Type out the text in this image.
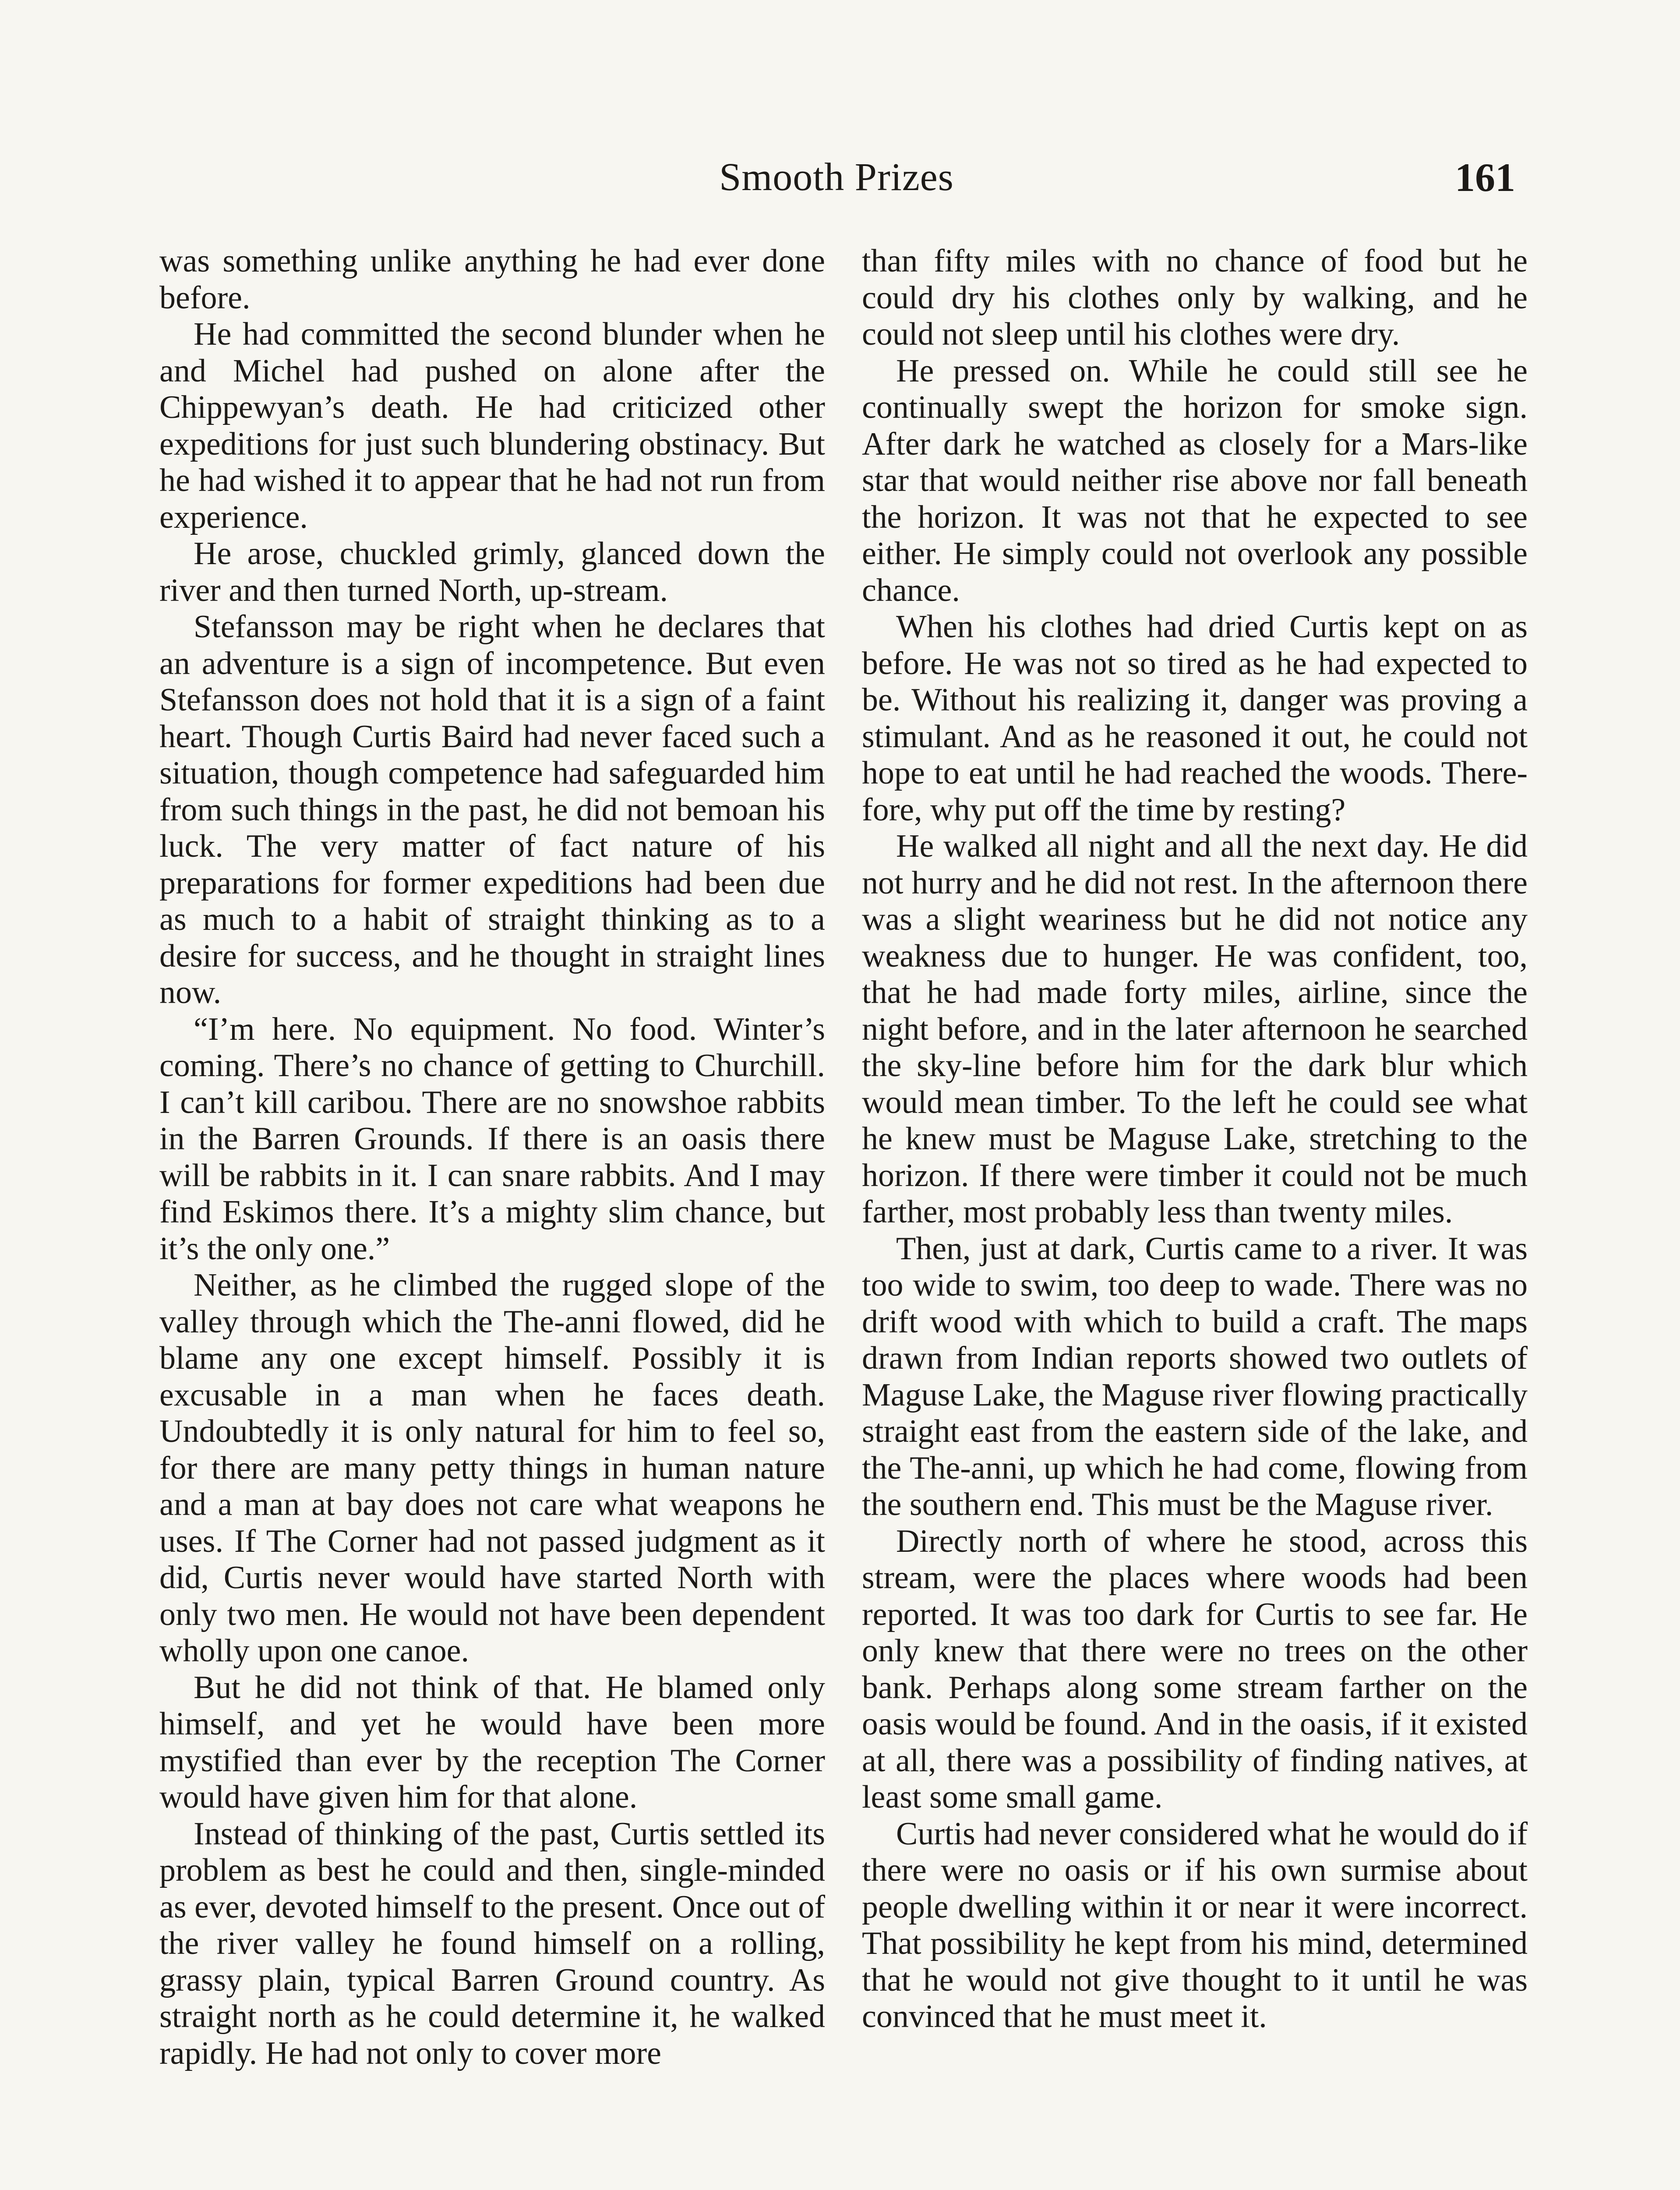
Smooth Prizes	161

was something unlike anything he had ever done before.

He had committed the second blunder when he and Michel had pushed on alone after the Chippewyan’s death. He had criticized other expeditions for just such blundering obstinacy. But he had wished it to appear that he had not run from experience.

He arose, chuckled grimly, glanced down the river and then turned North, up-stream.

Stefansson may be right when he declares that an adventure is a sign of incompetence. But even Stefansson does not hold that it is a sign of a faint heart. Though Curtis Baird had never faced such a situation, though competence had safeguarded him from such things in the past, he did not bemoan his luck. The very matter of fact nature of his preparations for former expeditions had been due as much to a habit of straight thinking as to a desire for success, and he thought in straight lines now.

“I’m here. No equipment. No food. Winter’s coming. There’s no chance of getting to Churchill. I can’t kill caribou. There are no snowshoe rabbits in the Barren Grounds. If there is an oasis there will be rabbits in it. I can snare rabbits. And I may find Eskimos there. It’s a mighty slim chance, but it’s the only one.”

Neither, as he climbed the rugged slope of the valley through which the The-anni flowed, did he blame any one except himself. Possibly it is excusable in a man when he faces death. Undoubtedly it is only natural for him to feel so, for there are many petty things in human nature and a man at bay does not care what weapons he uses. If The Corner had not passed judgment as it did, Curtis never would have started North with only two men. He would not have been dependent wholly upon one canoe.

But he did not think of that. He blamed only himself, and yet he would have been more mystified than ever by the reception The Corner would have given him for that alone.

Instead of thinking of the past, Curtis settled its problem as best he could and then, single-minded as ever, devoted himself to the present. Once out of the river valley he found himself on a rolling, grassy plain, typical Barren Ground country. As straight north as he could determine it, he walked rapidly. He had not only to cover more

than fifty miles with no chance of food but he could dry his clothes only by walking, and he could not sleep until his clothes were dry.

He pressed on. While he could still see he continually swept the horizon for smoke sign. After dark he watched as closely for a Mars-like star that would neither rise above nor fall beneath the horizon. It was not that he expected to see either. He simply could not overlook any possible chance.

When his clothes had dried Curtis kept on as before. He was not so tired as he had expected to be. Without his realizing it, danger was proving a stimulant. And as he reasoned it out, he could not hope to eat until he had reached the woods. Therefore, why put off the time by resting?

He walked all night and all the next day. He did not hurry and he did not rest. In the afternoon there was a slight weariness but he did not notice any weakness due to hunger. He was confident, too, that he had made forty miles, airline, since the night before, and in the later afternoon he searched the sky-line before him for the dark blur which would mean timber. To the left he could see what he knew must be Maguse Lake, stretching to the horizon. If there were timber it could not be much farther, most probably less than twenty miles.

Then, just at dark, Curtis came to a river. It was too wide to swim, too deep to wade. There was no drift wood with which to build a craft. The maps drawn from Indian reports showed two outlets of Maguse Lake, the Maguse river flowing practically straight east from the eastern side of the lake, and the The-anni, up which he had come, flowing from the southern end. This must be the Maguse river.

Directly north of where he stood, across this stream, were the places where woods had been reported. It was too dark for Curtis to see far. He only knew that there were no trees on the other bank. Perhaps along some stream farther on the oasis would be found. And in the oasis, if it existed at all, there was a possibility of finding natives, at least some small game.

Curtis had never considered what he would do if there were no oasis or if his own surmise about people dwelling within it or near it were incorrect. That possibility he kept from his mind, determined that he would not give thought to it until he was convinced that he must meet it.
